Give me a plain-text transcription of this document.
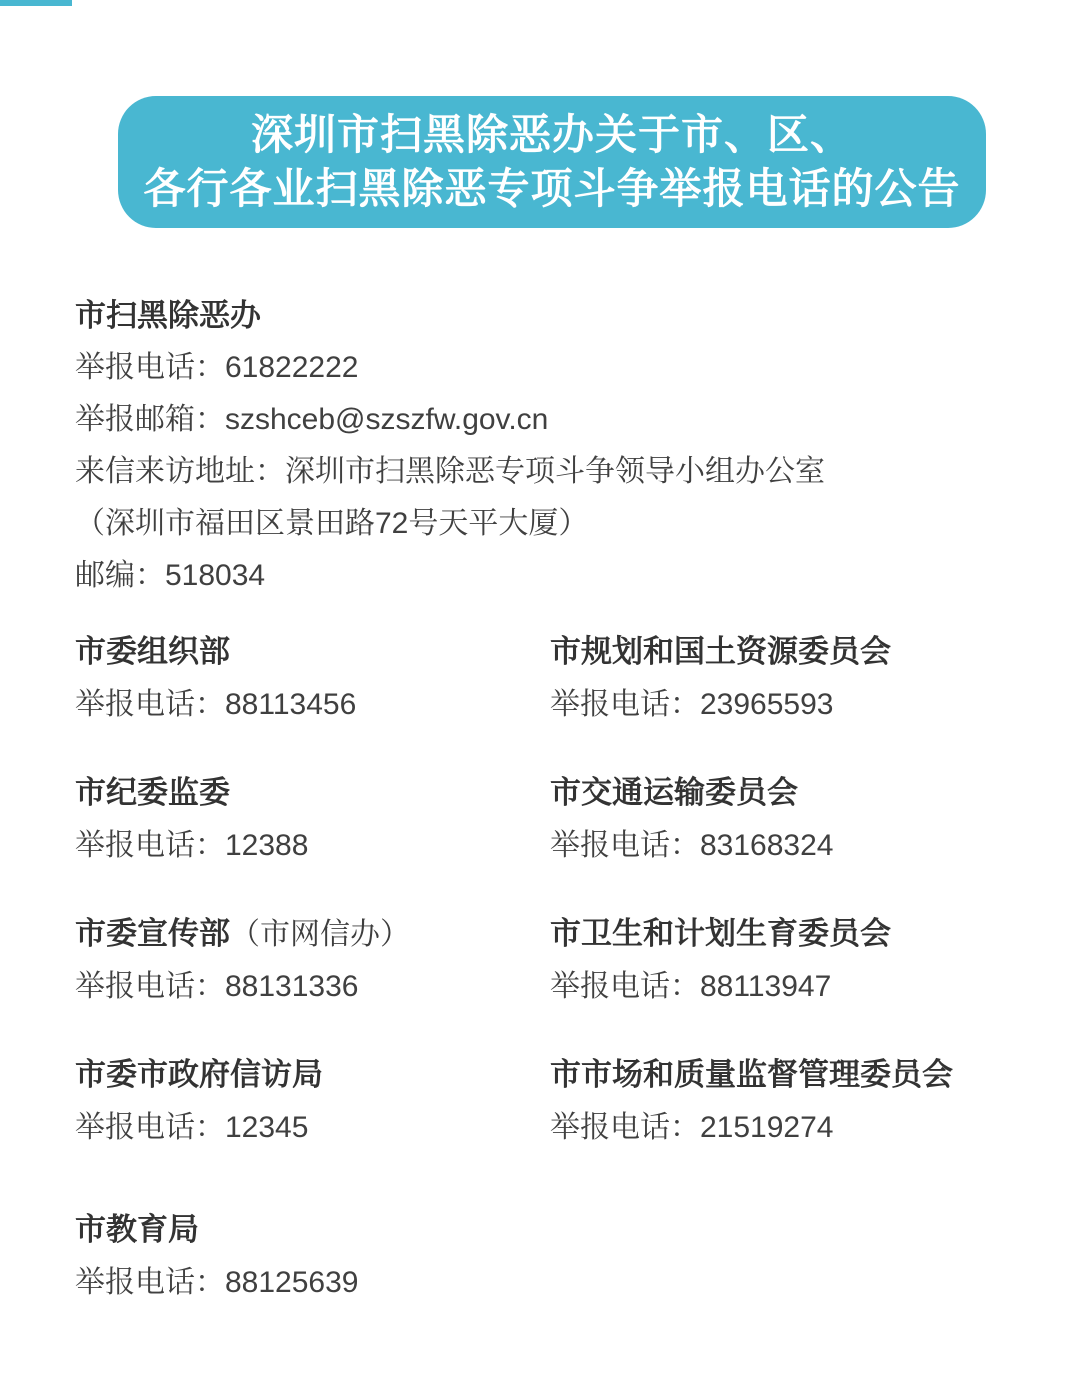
深圳市扫黑除恶办关于市、区、
各行各业扫黑除恶专项斗争举报电话的公告
市扫黑除恶办
举报电话：61822222
举报邮箱：szshceb@szszfw.gov.cn
来信来访地址：深圳市扫黑除恶专项斗争领导小组办公室
（深圳市福田区景田路72号天平大厦）
邮编：518034
市委组织部
举报电话：88113456
市规划和国土资源委员会
举报电话：23965593
市纪委监委
举报电话：12388
市交通运输委员会
举报电话：83168324
市委宣传部（市网信办）
举报电话：88131336
市卫生和计划生育委员会
举报电话：88113947
市委市政府信访局
举报电话：12345
市市场和质量监督管理委员会
举报电话：21519274
市教育局
举报电话：88125639
